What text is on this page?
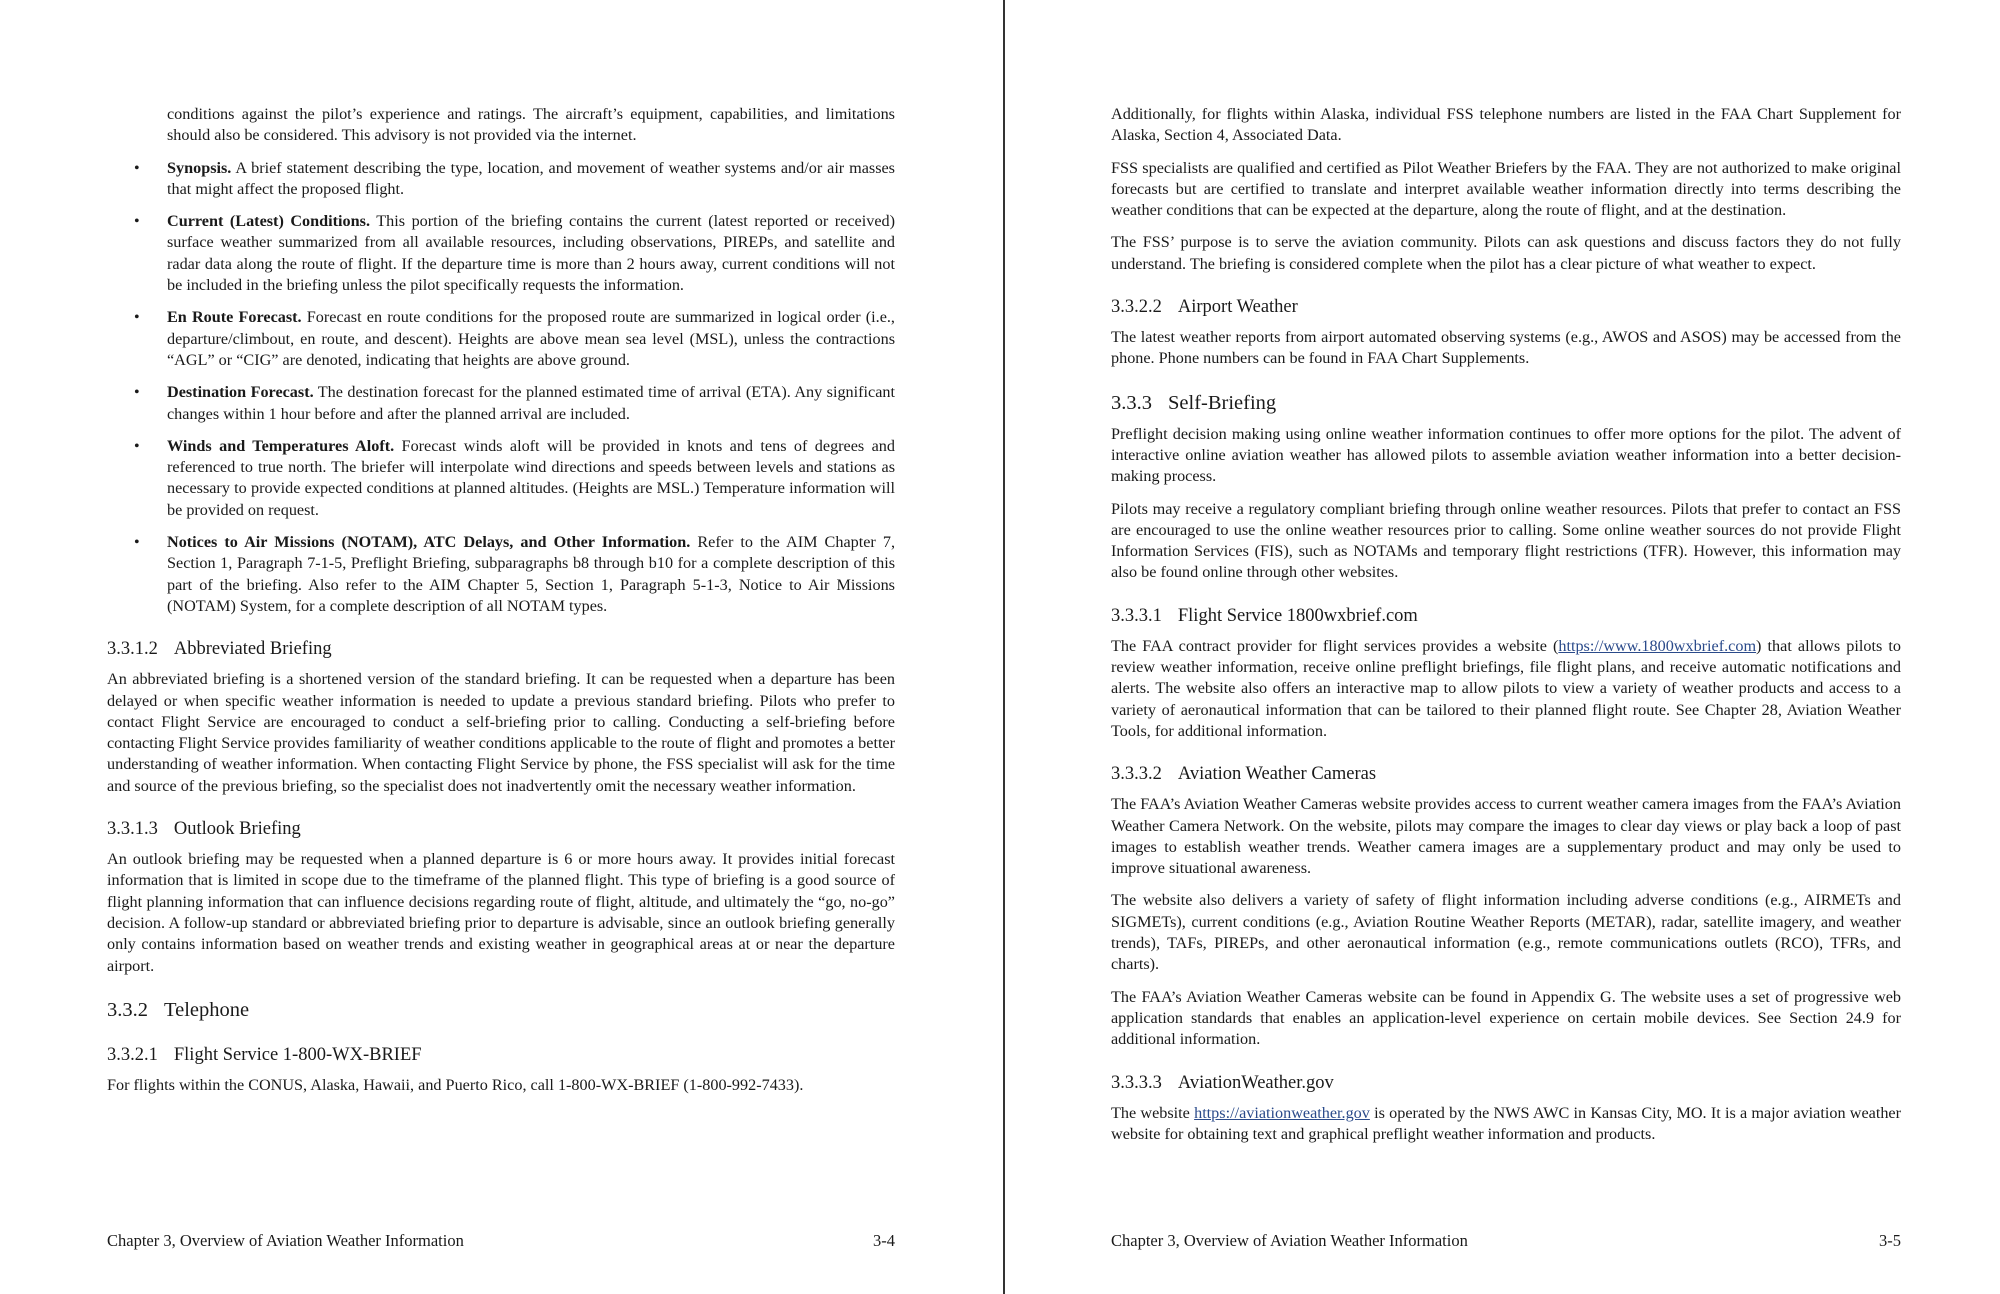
conditions against the pilot’s experience and ratings. The aircraft’s equipment, capabilities, and limitations should also be considered. This advisory is not provided via the internet.

• Synopsis. A brief statement describing the type, location, and movement of weather systems and/or air masses that might affect the proposed flight.
• Current (Latest) Conditions. This portion of the briefing contains the current (latest reported or received) surface weather summarized from all available resources, including observations, PIREPs, and satellite and radar data along the route of flight. If the departure time is more than 2 hours away, current conditions will not be included in the briefing unless the pilot specifically requests the information.
• En Route Forecast. Forecast en route conditions for the proposed route are summarized in logical order (i.e., departure/climbout, en route, and descent). Heights are above mean sea level (MSL), unless the contractions “AGL” or “CIG” are denoted, indicating that heights are above ground.
• Destination Forecast. The destination forecast for the planned estimated time of arrival (ETA). Any significant changes within 1 hour before and after the planned arrival are included.
• Winds and Temperatures Aloft. Forecast winds aloft will be provided in knots and tens of degrees and referenced to true north. The briefer will interpolate wind directions and speeds between levels and stations as necessary to provide expected conditions at planned altitudes. (Heights are MSL.) Temperature information will be provided on request.
• Notices to Air Missions (NOTAM), ATC Delays, and Other Information. Refer to the AIM Chapter 7, Section 1, Paragraph 7-1-5, Preflight Briefing, subparagraphs b8 through b10 for a complete description of this part of the briefing. Also refer to the AIM Chapter 5, Section 1, Paragraph 5-1-3, Notice to Air Missions (NOTAM) System, for a complete description of all NOTAM types.
3.3.1.2 Abbreviated Briefing

An abbreviated briefing is a shortened version of the standard briefing. It can be requested when a departure has been delayed or when specific weather information is needed to update a previous standard briefing. Pilots who prefer to contact Flight Service are encouraged to conduct a self-briefing prior to calling. Conducting a self-briefing before contacting Flight Service provides familiarity of weather conditions applicable to the route of flight and promotes a better understanding of weather information. When contacting Flight Service by phone, the FSS specialist will ask for the time and source of the previous briefing, so the specialist does not inadvertently omit the necessary weather information.

3.3.1.3 Outlook Briefing

An outlook briefing may be requested when a planned departure is 6 or more hours away. It provides initial forecast information that is limited in scope due to the timeframe of the planned flight. This type of briefing is a good source of flight planning information that can influence decisions regarding route of flight, altitude, and ultimately the “go, no-go” decision. A follow-up standard or abbreviated briefing prior to departure is advisable, since an outlook briefing generally only contains information based on weather trends and existing weather in geographical areas at or near the departure airport.

3.3.2 Telephone
3.3.2.1 Flight Service 1-800-WX-BRIEF

For flights within the CONUS, Alaska, Hawaii, and Puerto Rico, call 1-800-WX-BRIEF (1-800-992-7433).

Chapter 3, Overview of Aviation Weather Information	3-4

Additionally, for flights within Alaska, individual FSS telephone numbers are listed in the FAA Chart Supplement for Alaska, Section 4, Associated Data.

FSS specialists are qualified and certified as Pilot Weather Briefers by the FAA. They are not authorized to make original forecasts but are certified to translate and interpret available weather information directly into terms describing the weather conditions that can be expected at the departure, along the route of flight, and at the destination.

The FSS’ purpose is to serve the aviation community. Pilots can ask questions and discuss factors they do not fully understand. The briefing is considered complete when the pilot has a clear picture of what weather to expect.

3.3.2.2 Airport Weather

The latest weather reports from airport automated observing systems (e.g., AWOS and ASOS) may be accessed from the phone. Phone numbers can be found in FAA Chart Supplements.

3.3.3 Self-Briefing

Preflight decision making using online weather information continues to offer more options for the pilot. The advent of interactive online aviation weather has allowed pilots to assemble aviation weather information into a better decision-making process.

Pilots may receive a regulatory compliant briefing through online weather resources. Pilots that prefer to contact an FSS are encouraged to use the online weather resources prior to calling. Some online weather sources do not provide Flight Information Services (FIS), such as NOTAMs and temporary flight restrictions (TFR). However, this information may also be found online through other websites.

3.3.3.1 Flight Service 1800wxbrief.com

The FAA contract provider for flight services provides a website (https://www.1800wxbrief.com) that allows pilots to review weather information, receive online preflight briefings, file flight plans, and receive automatic notifications and alerts. The website also offers an interactive map to allow pilots to view a variety of weather products and access to a variety of aeronautical information that can be tailored to their planned flight route. See Chapter 28, Aviation Weather Tools, for additional information.

3.3.3.2 Aviation Weather Cameras

The FAA’s Aviation Weather Cameras website provides access to current weather camera images from the FAA’s Aviation Weather Camera Network. On the website, pilots may compare the images to clear day views or play back a loop of past images to establish weather trends. Weather camera images are a supplementary product and may only be used to improve situational awareness.

The website also delivers a variety of safety of flight information including adverse conditions (e.g., AIRMETs and SIGMETs), current conditions (e.g., Aviation Routine Weather Reports (METAR), radar, satellite imagery, and weather trends), TAFs, PIREPs, and other aeronautical information (e.g., remote communications outlets (RCO), TFRs, and charts).

The FAA’s Aviation Weather Cameras website can be found in Appendix G. The website uses a set of progressive web application standards that enables an application-level experience on certain mobile devices. See Section 24.9 for additional information.

3.3.3.3 AviationWeather.gov

The website https://aviationweather.gov is operated by the NWS AWC in Kansas City, MO. It is a major aviation weather website for obtaining text and graphical preflight weather information and products.

Chapter 3, Overview of Aviation Weather Information	3-5
